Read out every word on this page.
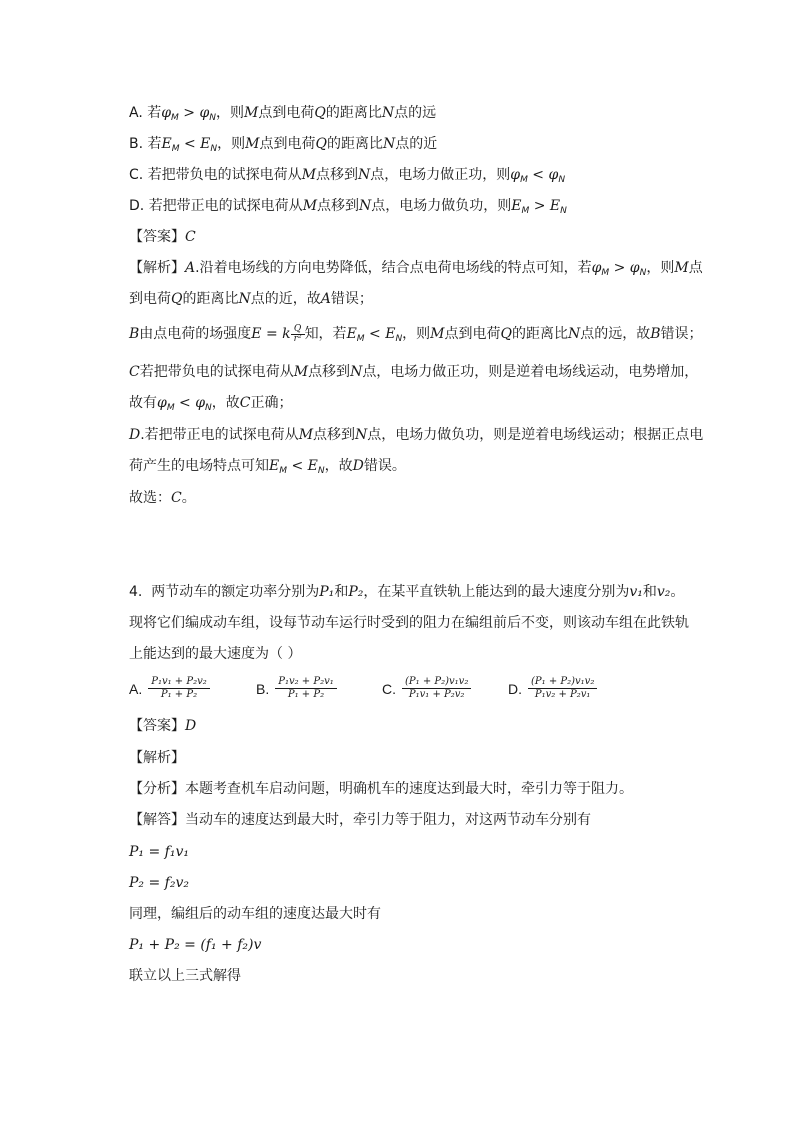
A. 若$\varphi_M > \varphi_N$，则M点到电荷Q的距离比N点的远
B. 若$E_M < E_N$，则M点到电荷Q的距离比N点的近
C. 若把带负电的试探电荷从M点移到N点，电场力做正功，则$\varphi_M < \varphi_N$
D. 若把带正电的试探电荷从M点移到N点，电场力做负功，则$E_M > E_N$
【答案】C
【解析】A.沿着电场线的方向电势降低，结合点电荷电场线的特点可知，若$\varphi_M > \varphi_N$，则M点
到电荷Q的距离比N点的近，故A错误；
B由点电荷的场强度E = k $\frac{Q}{\text{r²}}$ 知，若$E_M < E_N$，则M点到电荷Q的距离比N点的远，故B错误；
C若把带负电的试探电荷从M点移到N点，电场力做正功，则是逆着电场线运动，电势增加，
故有$\varphi_M < \varphi_N$，故C正确；
D.若把带正电的试探电荷从M点移到N点，电场力做负功，则是逆着电场线运动；根据正点电
荷产生的电场特点可知$E_M < E_N$，故D错误。
故选：C。
4. 两节动车的额定功率分别为P₁和P₂，在某平直铁轨上能达到的最大速度分别为v₁和v₂。
现将它们编成动车组，设每节动车运行时受到的阻力在编组前后不变，则该动车组在此铁轨
上能达到的最大速度为（ ）
A. $\frac{\text{P₁v₁ + P₂v₂}}{\text{P₁ + P₂}}$	B. $\frac{\text{P₁v₂ + P₂v₁}}{\text{P₁ + P₂}}$	C. $\frac{\text{(P₁ + P₂)v₁v₂}}{\text{P₁v₁ + P₂v₂}}$	D. $\frac{\text{(P₁ + P₂)v₁v₂}}{\text{P₁v₂ + P₂v₁}}$
【答案】D
【解析】
【分析】本题考查机车启动问题，明确机车的速度达到最大时，牵引力等于阻力。
【解答】当动车的速度达到最大时，牵引力等于阻力，对这两节动车分别有
P₁ = f₁v₁
P₂ = f₂v₂
同理，编组后的动车组的速度达最大时有
P₁ + P₂ = (f₁ + f₂)v
联立以上三式解得
